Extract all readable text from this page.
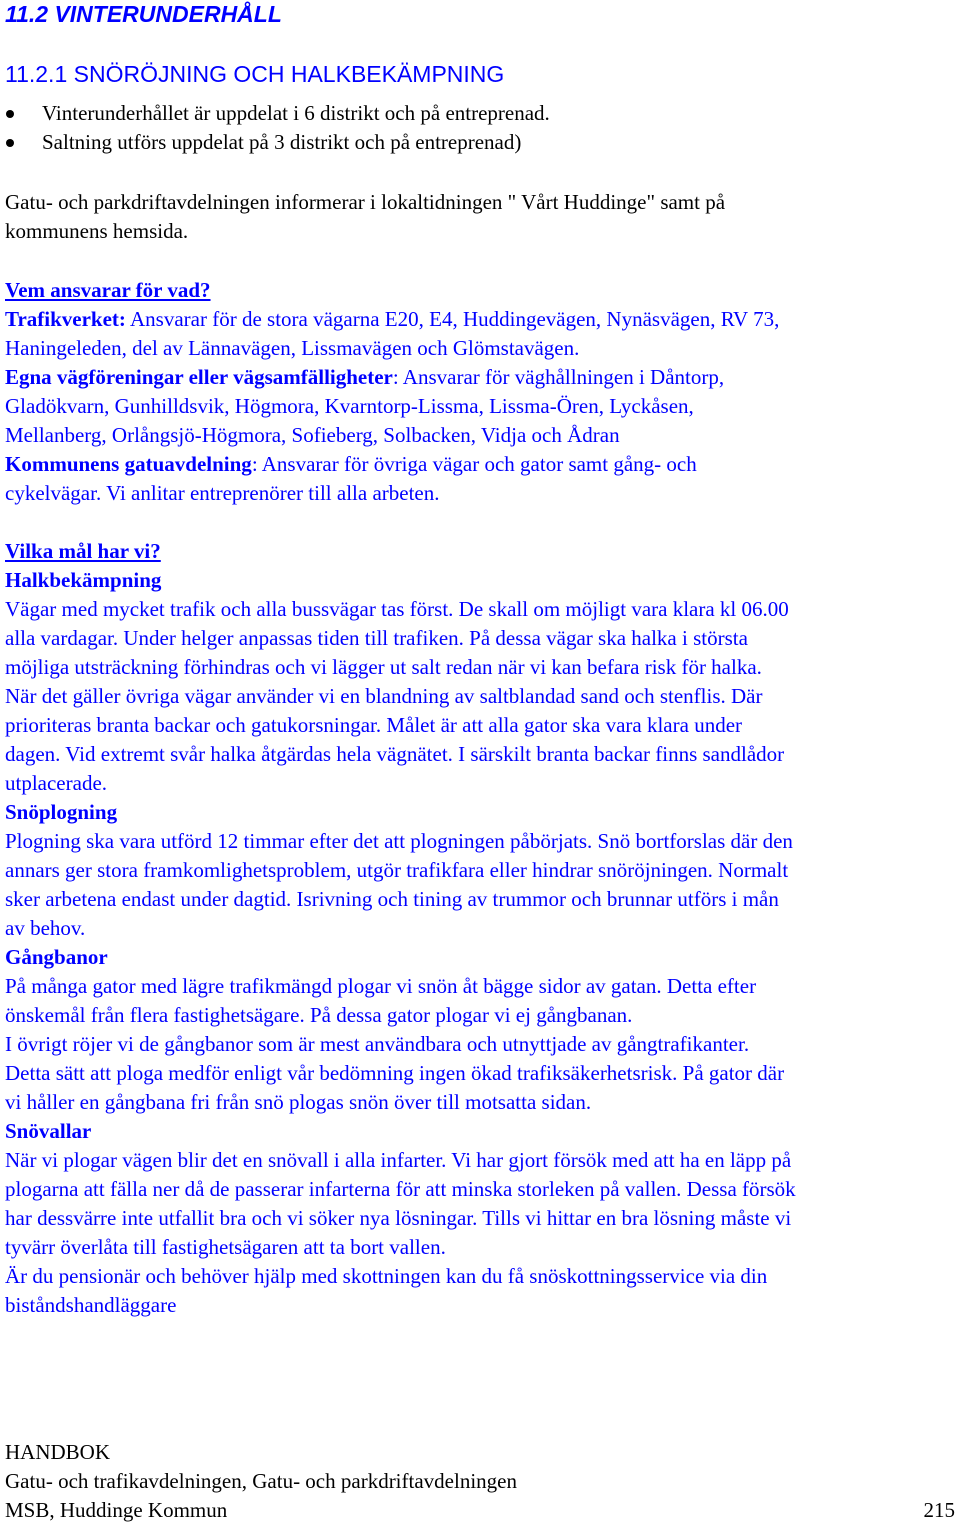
11.2 VINTERUNDERHÅLL
11.2.1 SNÖRÖJNING OCH HALKBEKÄMPNING
Vinterunderhållet är uppdelat i 6 distrikt och på entreprenad.
Saltning utförs uppdelat på 3 distrikt och på entreprenad)
Gatu- och parkdriftavdelningen informerar i lokaltidningen " Vårt Huddinge" samt på
kommunens hemsida.
Vem ansvarar för vad?
Trafikverket: Ansvarar för de stora vägarna E20, E4, Huddingevägen, Nynäsvägen, RV 73,
Haningeleden, del av Lännavägen, Lissmavägen och Glömstavägen.
Egna vägföreningar eller vägsamfälligheter: Ansvarar för väghållningen i Dåntorp,
Gladökvarn, Gunhilldsvik, Högmora, Kvarntorp-Lissma, Lissma-Ören, Lyckåsen,
Mellanberg, Orlångsjö-Högmora, Sofieberg, Solbacken, Vidja och Ådran
Kommunens gatuavdelning: Ansvarar för övriga vägar och gator samt gång- och
cykelvägar. Vi anlitar entreprenörer till alla arbeten.
Vilka mål har vi?
Halkbekämpning
Vägar med mycket trafik och alla bussvägar tas först. De skall om möjligt vara klara kl 06.00
alla vardagar. Under helger anpassas tiden till trafiken. På dessa vägar ska halka i största
möjliga utsträckning förhindras och vi lägger ut salt redan när vi kan befara risk för halka.
När det gäller övriga vägar använder vi en blandning av saltblandad sand och stenflis. Där
prioriteras branta backar och gatukorsningar. Målet är att alla gator ska vara klara under
dagen. Vid extremt svår halka åtgärdas hela vägnätet. I särskilt branta backar finns sandlådor
utplacerade.
Snöplogning
Plogning ska vara utförd 12 timmar efter det att plogningen påbörjats. Snö bortforslas där den
annars ger stora framkomlighetsproblem, utgör trafikfara eller hindrar snöröjningen. Normalt
sker arbetena endast under dagtid. Isrivning och tining av trummor och brunnar utförs i mån
av behov.
Gångbanor
På många gator med lägre trafikmängd plogar vi snön åt bägge sidor av gatan. Detta efter
önskemål från flera fastighetsägare. På dessa gator plogar vi ej gångbanan.
I övrigt röjer vi de gångbanor som är mest användbara och utnyttjade av gångtrafikanter.
Detta sätt att ploga medför enligt vår bedömning ingen ökad trafiksäkerhetsrisk. På gator där
vi håller en gångbana fri från snö plogas snön över till motsatta sidan.
Snövallar
När vi plogar vägen blir det en snövall i alla infarter. Vi har gjort försök med att ha en läpp på
plogarna att fälla ner då de passerar infarterna för att minska storleken på vallen. Dessa försök
har dessvärre inte utfallit bra och vi söker nya lösningar. Tills vi hittar en bra lösning måste vi
tyvärr överlåta till fastighetsägaren att ta bort vallen.
Är du pensionär och behöver hjälp med skottningen kan du få snöskottningsservice via din
biståndshandläggare
HANDBOK
Gatu- och trafikavdelningen, Gatu- och parkdriftavdelningen
MSB, Huddinge Kommun	215
